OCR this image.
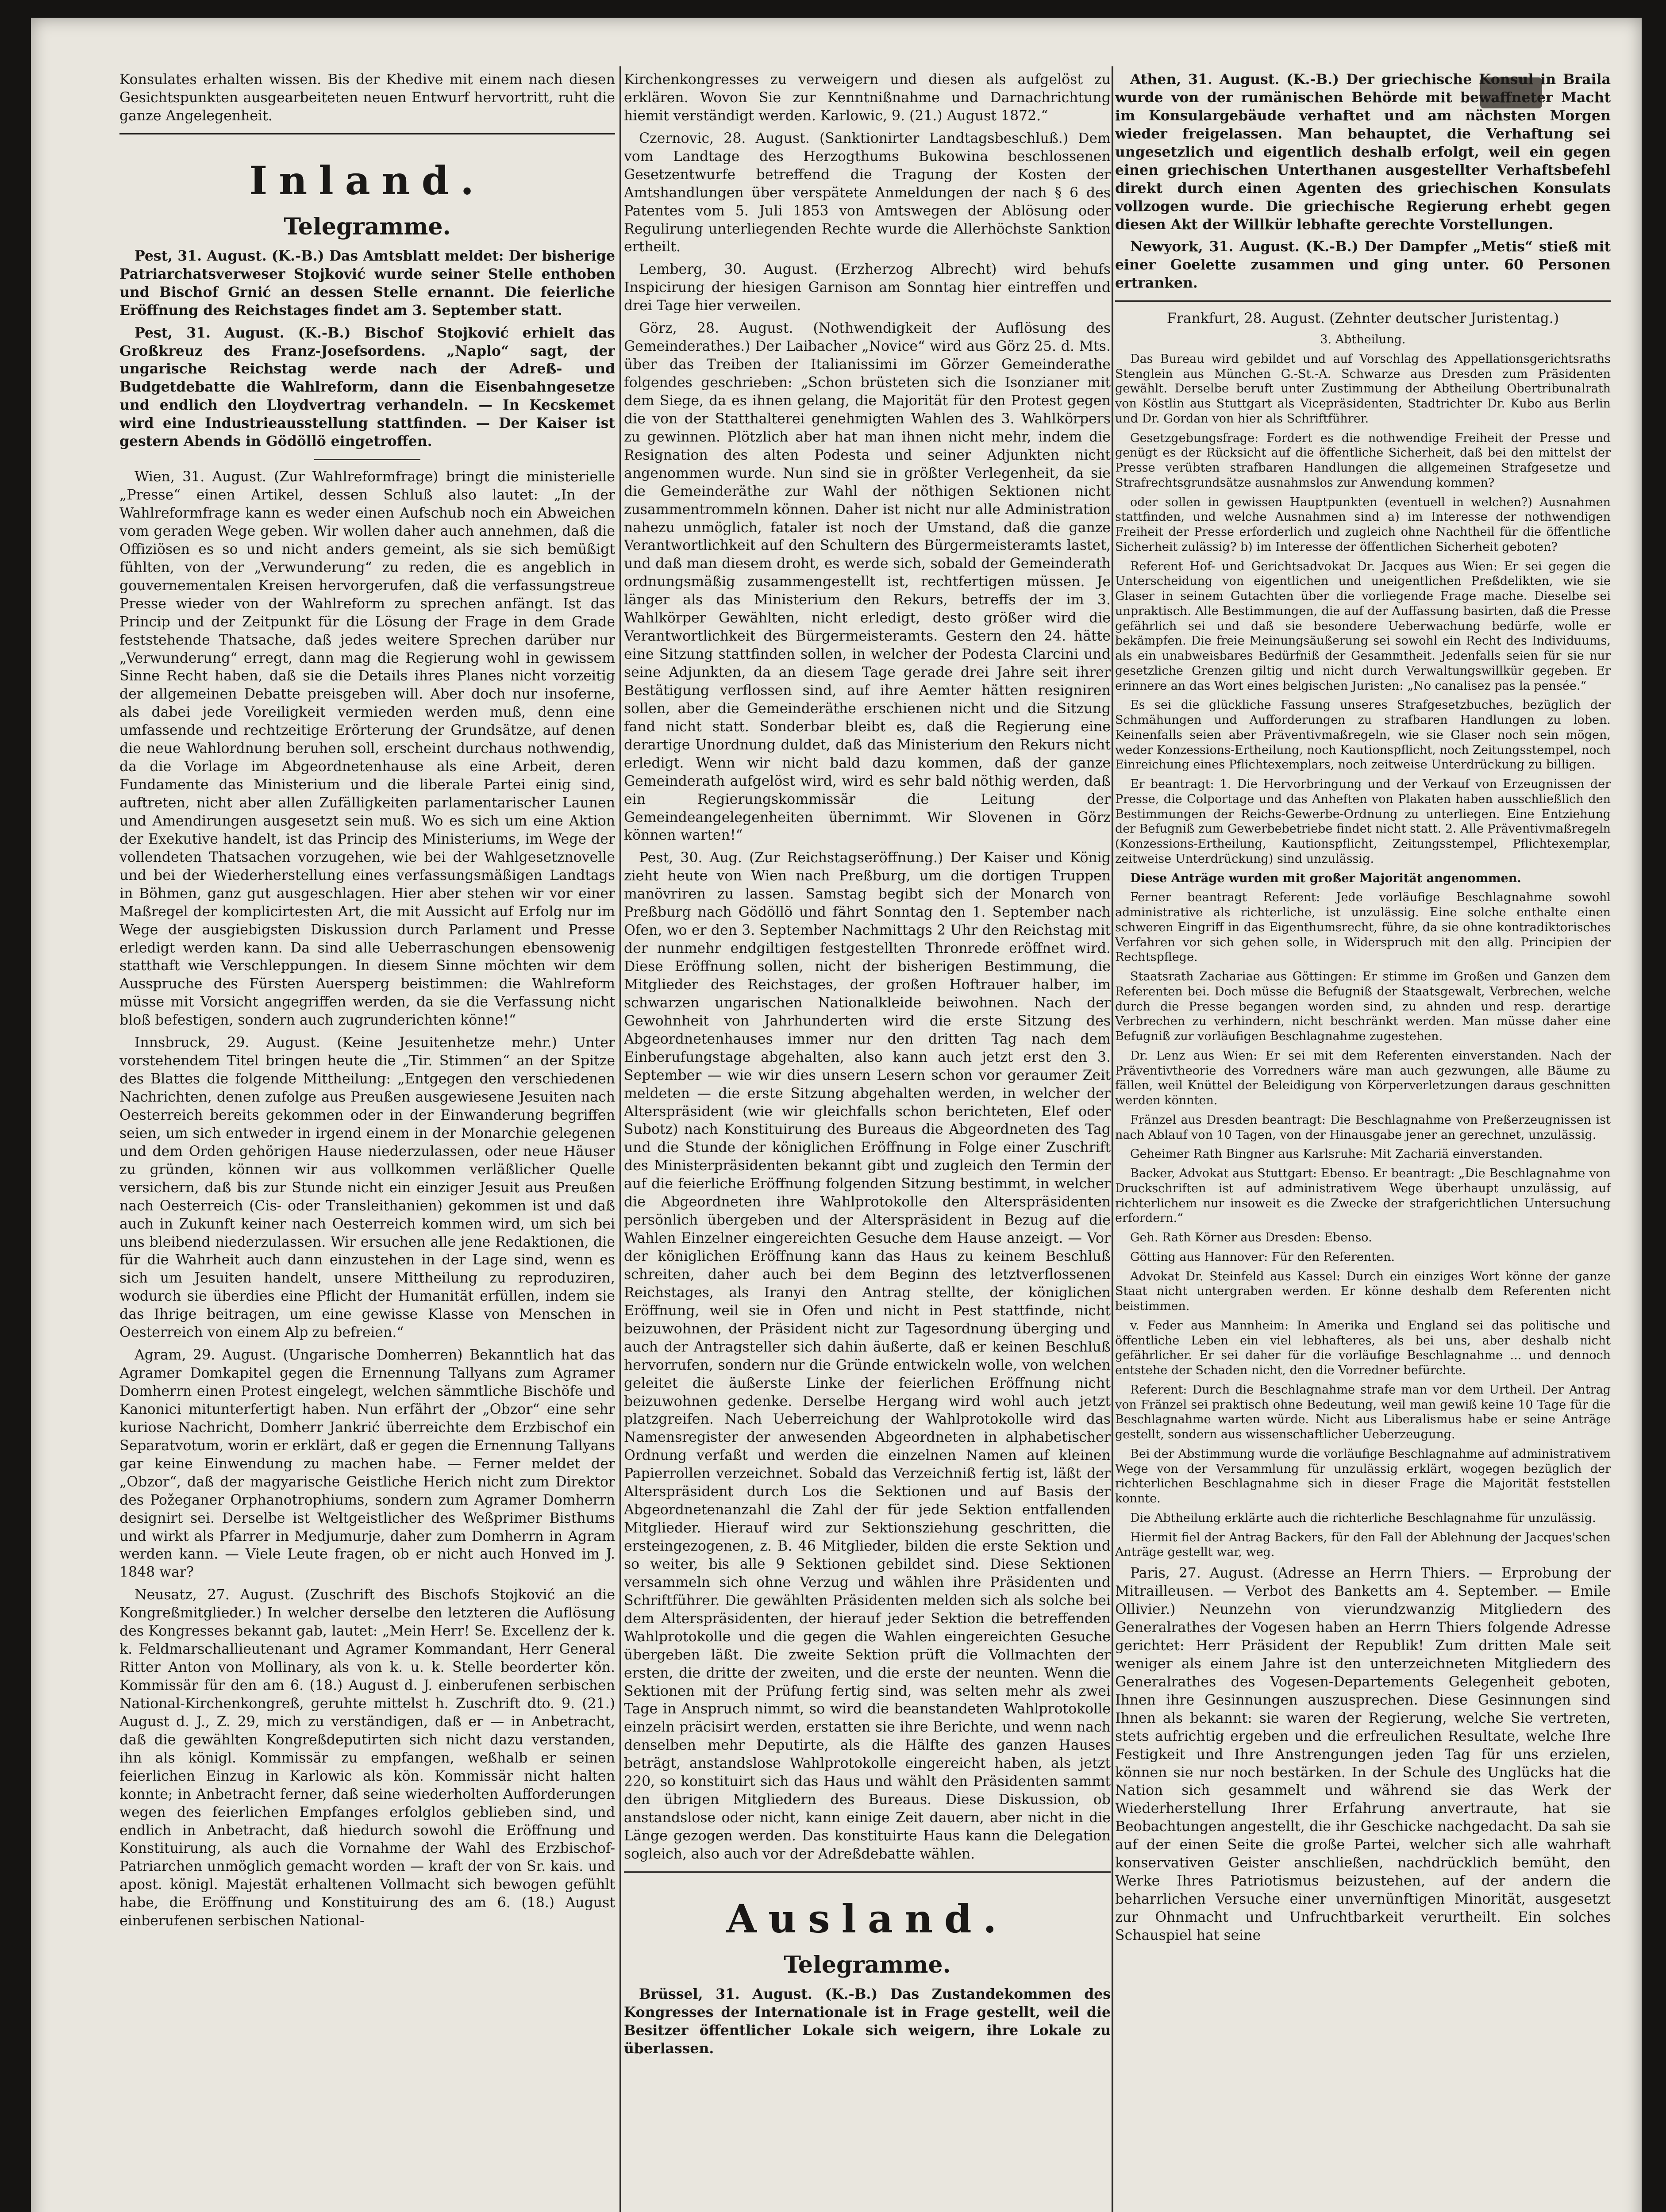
Konsulates erhalten wissen. Bis der Khedive mit einem nach diesen Gesichtspunkten ausgearbeiteten neuen Entwurf hervortritt, ruht die ganze Angelegenheit.

Inland.
Telegramme.

Pest, 31. August. (K.-B.) Das Amtsblatt meldet: Der bisherige Patriarchatsverweser Stojković wurde seiner Stelle enthoben und Bischof Grnić an dessen Stelle ernannt. Die feierliche Eröffnung des Reichstages findet am 3. September statt.

Pest, 31. August. (K.-B.) Bischof Stojković erhielt das Großkreuz des Franz-Josefsordens. „Naplo“ sagt, der ungarische Reichstag werde nach der Adreß- und Budgetdebatte die Wahlreform, dann die Eisenbahngesetze und endlich den Lloydvertrag verhandeln. — In Kecskemet wird eine Industrieausstellung stattfinden. — Der Kaiser ist gestern Abends in Gödöllö eingetroffen.

Wien, 31. August. (Zur Wahlreformfrage) bringt die ministerielle „Presse“ einen Artikel, dessen Schluß also lautet: „In der Wahlreformfrage kann es weder einen Aufschub noch ein Abweichen vom geraden Wege geben. Wir wollen daher auch annehmen, daß die Offiziösen es so und nicht anders gemeint, als sie sich bemüßigt fühlten, von der „Verwunderung“ zu reden, die es angeblich in gouvernementalen Kreisen hervorgerufen, daß die verfassungstreue Presse wieder von der Wahlreform zu sprechen anfängt. Ist das Princip und der Zeitpunkt für die Lösung der Frage in dem Grade feststehende Thatsache, daß jedes weitere Sprechen darüber nur „Verwunderung“ erregt, dann mag die Regierung wohl in gewissem Sinne Recht haben, daß sie die Details ihres Planes nicht vorzeitig der allgemeinen Debatte preisgeben will. Aber doch nur insoferne, als dabei jede Voreiligkeit vermieden werden muß, denn eine umfassende und rechtzeitige Erörterung der Grundsätze, auf denen die neue Wahlordnung beruhen soll, erscheint durchaus nothwendig, da die Vorlage im Abgeordnetenhause als eine Arbeit, deren Fundamente das Ministerium und die liberale Partei einig sind, auftreten, nicht aber allen Zufälligkeiten parlamentarischer Launen und Amendirungen ausgesetzt sein muß. Wo es sich um eine Aktion der Exekutive handelt, ist das Princip des Ministeriums, im Wege der vollendeten Thatsachen vorzugehen, wie bei der Wahlgesetznovelle und bei der Wiederherstellung eines verfassungsmäßigen Landtags in Böhmen, ganz gut ausgeschlagen. Hier aber stehen wir vor einer Maßregel der komplicirtesten Art, die mit Aussicht auf Erfolg nur im Wege der ausgiebigsten Diskussion durch Parlament und Presse erledigt werden kann. Da sind alle Ueberraschungen ebensowenig statthaft wie Verschleppungen. In diesem Sinne möchten wir dem Ausspruche des Fürsten Auersperg beistimmen: die Wahlreform müsse mit Vorsicht angegriffen werden, da sie die Verfassung nicht bloß befestigen, sondern auch zugrunderichten könne!“

Innsbruck, 29. August. (Keine Jesuitenhetze mehr.) Unter vorstehendem Titel bringen heute die „Tir. Stimmen“ an der Spitze des Blattes die folgende Mittheilung: „Entgegen den verschiedenen Nachrichten, denen zufolge aus Preußen ausgewiesene Jesuiten nach Oesterreich bereits gekommen oder in der Einwanderung begriffen seien, um sich entweder in irgend einem in der Monarchie gelegenen und dem Orden gehörigen Hause niederzulassen, oder neue Häuser zu gründen, können wir aus vollkommen verläßlicher Quelle versichern, daß bis zur Stunde nicht ein einziger Jesuit aus Preußen nach Oesterreich (Cis- oder Transleithanien) gekommen ist und daß auch in Zukunft keiner nach Oesterreich kommen wird, um sich bei uns bleibend niederzulassen. Wir ersuchen alle jene Redaktionen, die für die Wahrheit auch dann einzustehen in der Lage sind, wenn es sich um Jesuiten handelt, unsere Mittheilung zu reproduziren, wodurch sie überdies eine Pflicht der Humanität erfüllen, indem sie das Ihrige beitragen, um eine gewisse Klasse von Menschen in Oesterreich von einem Alp zu befreien.“

Agram, 29. August. (Ungarische Domherren) Bekanntlich hat das Agramer Domkapitel gegen die Ernennung Tallyans zum Agramer Domherrn einen Protest eingelegt, welchen sämmtliche Bischöfe und Kanonici mitunterfertigt haben. Nun erfährt der „Obzor“ eine sehr kuriose Nachricht, Domherr Jankrić überreichte dem Erzbischof ein Separatvotum, worin er erklärt, daß er gegen die Ernennung Tallyans gar keine Einwendung zu machen habe. — Ferner meldet der „Obzor“, daß der magyarische Geistliche Herich nicht zum Direktor des Požeganer Orphanotrophiums, sondern zum Agramer Domherrn designirt sei. Derselbe ist Weltgeistlicher des Weßprimer Bisthums und wirkt als Pfarrer in Medjumurje, daher zum Domherrn in Agram werden kann. — Viele Leute fragen, ob er nicht auch Honved im J. 1848 war?

Neusatz, 27. August. (Zuschrift des Bischofs Stojković an die Kongreßmitglieder.) In welcher derselbe den letzteren die Auflösung des Kongresses bekannt gab, lautet: „Mein Herr! Se. Excellenz der k. k. Feldmarschallieutenant und Agramer Kommandant, Herr General Ritter Anton von Mollinary, als von k. u. k. Stelle beorderter kön. Kommissär für den am 6. (18.) August d. J. einberufenen serbischen National-Kirchenkongreß, geruhte mittelst h. Zuschrift dto. 9. (21.) August d. J., Z. 29, mich zu verständigen, daß er — in Anbetracht, daß die gewählten Kongreßdeputirten sich nicht dazu verstanden, ihn als königl. Kommissär zu empfangen, weßhalb er seinen feierlichen Einzug in Karlowic als kön. Kommissär nicht halten konnte; in Anbetracht ferner, daß seine wiederholten Aufforderungen wegen des feierlichen Empfanges erfolglos geblieben sind, und endlich in Anbetracht, daß hiedurch sowohl die Eröffnung und Konstituirung, als auch die Vornahme der Wahl des Erzbischof-Patriarchen unmöglich gemacht worden — kraft der von Sr. kais. und apost. königl. Majestät erhaltenen Vollmacht sich bewogen gefühlt habe, die Eröffnung und Konstituirung des am 6. (18.) August einberufenen serbischen National-

Kirchenkongresses zu verweigern und diesen als aufgelöst zu erklären. Wovon Sie zur Kenntnißnahme und Darnachrichtung hiemit verständigt werden. Karlowic, 9. (21.) August 1872.“

Czernovic, 28. August. (Sanktionirter Landtagsbeschluß.) Dem vom Landtage des Herzogthums Bukowina beschlossenen Gesetzentwurfe betreffend die Tragung der Kosten der Amtshandlungen über verspätete Anmeldungen der nach § 6 des Patentes vom 5. Juli 1853 von Amtswegen der Ablösung oder Regulirung unterliegenden Rechte wurde die Allerhöchste Sanktion ertheilt.

Lemberg, 30. August. (Erzherzog Albrecht) wird behufs Inspicirung der hiesigen Garnison am Sonntag hier eintreffen und drei Tage hier verweilen.

Görz, 28. August. (Nothwendigkeit der Auflösung des Gemeinderathes.) Der Laibacher „Novice“ wird aus Görz 25. d. Mts. über das Treiben der Italianissimi im Görzer Gemeinderathe folgendes geschrieben: „Schon brüsteten sich die Isonzianer mit dem Siege, da es ihnen gelang, die Majorität für den Protest gegen die von der Statthalterei genehmigten Wahlen des 3. Wahlkörpers zu gewinnen. Plötzlich aber hat man ihnen nicht mehr, indem die Resignation des alten Podesta und seiner Adjunkten nicht angenommen wurde. Nun sind sie in größter Verlegenheit, da sie die Gemeinderäthe zur Wahl der nöthigen Sektionen nicht zusammentrommeln können. Daher ist nicht nur alle Administration nahezu unmöglich, fataler ist noch der Umstand, daß die ganze Verantwortlichkeit auf den Schultern des Bürgermeisteramts lastet, und daß man diesem droht, es werde sich, sobald der Gemeinderath ordnungsmäßig zusammengestellt ist, rechtfertigen müssen. Je länger als das Ministerium den Rekurs, betreffs der im 3. Wahlkörper Gewählten, nicht erledigt, desto größer wird die Verantwortlichkeit des Bürgermeisteramts. Gestern den 24. hätte eine Sitzung stattfinden sollen, in welcher der Podesta Clarcini und seine Adjunkten, da an diesem Tage gerade drei Jahre seit ihrer Bestätigung verflossen sind, auf ihre Aemter hätten resigniren sollen, aber die Gemeinderäthe erschienen nicht und die Sitzung fand nicht statt. Sonderbar bleibt es, daß die Regierung eine derartige Unordnung duldet, daß das Ministerium den Rekurs nicht erledigt. Wenn wir nicht bald dazu kommen, daß der ganze Gemeinderath aufgelöst wird, wird es sehr bald nöthig werden, daß ein Regierungskommissär die Leitung der Gemeindeangelegenheiten übernimmt. Wir Slovenen in Görz können warten!“

Pest, 30. Aug. (Zur Reichstagseröffnung.) Der Kaiser und König zieht heute von Wien nach Preßburg, um die dortigen Truppen manövriren zu lassen. Samstag begibt sich der Monarch von Preßburg nach Gödöllö und fährt Sonntag den 1. September nach Ofen, wo er den 3. September Nachmittags 2 Uhr den Reichstag mit der nunmehr endgiltigen festgestellten Thronrede eröffnet wird. Diese Eröffnung sollen, nicht der bisherigen Bestimmung, die Mitglieder des Reichstages, der großen Hoftrauer halber, im schwarzen ungarischen Nationalkleide beiwohnen. Nach der Gewohnheit von Jahrhunderten wird die erste Sitzung des Abgeordnetenhauses immer nur den dritten Tag nach dem Einberufungstage abgehalten, also kann auch jetzt erst den 3. September — wie wir dies unsern Lesern schon vor geraumer Zeit meldeten — die erste Sitzung abgehalten werden, in welcher der Alterspräsident (wie wir gleichfalls schon berichteten, Elef oder Subotz) nach Konstituirung des Bureaus die Abgeordneten des Tag und die Stunde der königlichen Eröffnung in Folge einer Zuschrift des Ministerpräsidenten bekannt gibt und zugleich den Termin der auf die feierliche Eröffnung folgenden Sitzung bestimmt, in welcher die Abgeordneten ihre Wahlprotokolle den Alterspräsidenten persönlich übergeben und der Alterspräsident in Bezug auf die Wahlen Einzelner eingereichten Gesuche dem Hause anzeigt. — Vor der königlichen Eröffnung kann das Haus zu keinem Beschluß schreiten, daher auch bei dem Beginn des letztverflossenen Reichstages, als Iranyi den Antrag stellte, der königlichen Eröffnung, weil sie in Ofen und nicht in Pest stattfinde, nicht beizuwohnen, der Präsident nicht zur Tagesordnung überging und auch der Antragsteller sich dahin äußerte, daß er keinen Beschluß hervorrufen, sondern nur die Gründe entwickeln wolle, von welchen geleitet die äußerste Linke der feierlichen Eröffnung nicht beizuwohnen gedenke. Derselbe Hergang wird wohl auch jetzt platzgreifen. Nach Ueberreichung der Wahlprotokolle wird das Namensregister der anwesenden Abgeordneten in alphabetischer Ordnung verfaßt und werden die einzelnen Namen auf kleinen Papierrollen verzeichnet. Sobald das Verzeichniß fertig ist, läßt der Alterspräsident durch Los die Sektionen und auf Basis der Abgeordnetenanzahl die Zahl der für jede Sektion entfallenden Mitglieder. Hierauf wird zur Sektionsziehung geschritten, die ersteingezogenen, z. B. 46 Mitglieder, bilden die erste Sektion und so weiter, bis alle 9 Sektionen gebildet sind. Diese Sektionen versammeln sich ohne Verzug und wählen ihre Präsidenten und Schriftführer. Die gewählten Präsidenten melden sich als solche bei dem Alterspräsidenten, der hierauf jeder Sektion die betreffenden Wahlprotokolle und die gegen die Wahlen eingereichten Gesuche übergeben läßt. Die zweite Sektion prüft die Vollmachten der ersten, die dritte der zweiten, und die erste der neunten. Wenn die Sektionen mit der Prüfung fertig sind, was selten mehr als zwei Tage in Anspruch nimmt, so wird die beanstandeten Wahlprotokolle einzeln präcisirt werden, erstatten sie ihre Berichte, und wenn nach denselben mehr Deputirte, als die Hälfte des ganzen Hauses beträgt, anstandslose Wahlprotokolle eingereicht haben, als jetzt 220, so konstituirt sich das Haus und wählt den Präsidenten sammt den übrigen Mitgliedern des Bureaus. Diese Diskussion, ob anstandslose oder nicht, kann einige Zeit dauern, aber nicht in die Länge gezogen werden. Das konstituirte Haus kann die Delegation sogleich, also auch vor der Adreßdebatte wählen.

Ausland.
Telegramme.

Brüssel, 31. August. (K.-B.) Das Zustandekommen des Kongresses der Internationale ist in Frage gestellt, weil die Besitzer öffentlicher Lokale sich weigern, ihre Lokale zu überlassen.

Athen, 31. August. (K.-B.) Der griechische Konsul in Braila wurde von der rumänischen Behörde mit bewaffneter Macht im Konsulargebäude verhaftet und am nächsten Morgen wieder freigelassen. Man behauptet, die Verhaftung sei ungesetzlich und eigentlich deshalb erfolgt, weil ein gegen einen griechischen Unterthanen ausgestellter Verhaftsbefehl direkt durch einen Agenten des griechischen Konsulats vollzogen wurde. Die griechische Regierung erhebt gegen diesen Akt der Willkür lebhafte gerechte Vorstellungen.

Newyork, 31. August. (K.-B.) Der Dampfer „Metis“ stieß mit einer Goelette zusammen und ging unter. 60 Personen ertranken.

Frankfurt, 28. August. (Zehnter deutscher Juristentag.)

3. Abtheilung.

Das Bureau wird gebildet und auf Vorschlag des Appellationsgerichtsraths Stenglein aus München G.-St.-A. Schwarze aus Dresden zum Präsidenten gewählt. Derselbe beruft unter Zustimmung der Abtheilung Obertribunalrath von Köstlin aus Stuttgart als Vicepräsidenten, Stadtrichter Dr. Kubo aus Berlin und Dr. Gordan von hier als Schriftführer.

Gesetzgebungsfrage: Fordert es die nothwendige Freiheit der Presse und genügt es der Rücksicht auf die öffentliche Sicherheit, daß bei den mittelst der Presse verübten strafbaren Handlungen die allgemeinen Strafgesetze und Strafrechtsgrundsätze ausnahmslos zur Anwendung kommen?

oder sollen in gewissen Hauptpunkten (eventuell in welchen?) Ausnahmen stattfinden, und welche Ausnahmen sind a) im Interesse der nothwendigen Freiheit der Presse erforderlich und zugleich ohne Nachtheil für die öffentliche Sicherheit zulässig? b) im Interesse der öffentlichen Sicherheit geboten?

Referent Hof- und Gerichtsadvokat Dr. Jacques aus Wien: Er sei gegen die Unterscheidung von eigentlichen und uneigentlichen Preßdelikten, wie sie Glaser in seinem Gutachten über die vorliegende Frage mache. Dieselbe sei unpraktisch. Alle Bestimmungen, die auf der Auffassung basirten, daß die Presse gefährlich sei und daß sie besondere Ueberwachung bedürfe, wolle er bekämpfen. Die freie Meinungsäußerung sei sowohl ein Recht des Individuums, als ein unabweisbares Bedürfniß der Gesammtheit. Jedenfalls seien für sie nur gesetzliche Grenzen giltig und nicht durch Verwaltungswillkür gegeben. Er erinnere an das Wort eines belgischen Juristen: „No canalisez pas la pensée.“

Es sei die glückliche Fassung unseres Strafgesetzbuches, bezüglich der Schmähungen und Aufforderungen zu strafbaren Handlungen zu loben. Keinenfalls seien aber Präventivmaßregeln, wie sie Glaser noch sein mögen, weder Konzessions-Ertheilung, noch Kautionspflicht, noch Zeitungsstempel, noch Einreichung eines Pflichtexemplars, noch zeitweise Unterdrückung zu billigen.

Er beantragt: 1. Die Hervorbringung und der Verkauf von Erzeugnissen der Presse, die Colportage und das Anheften von Plakaten haben ausschließlich den Bestimmungen der Reichs-Gewerbe-Ordnung zu unterliegen. Eine Entziehung der Befugniß zum Gewerbebetriebe findet nicht statt. 2. Alle Präventivmaßregeln (Konzessions-Ertheilung, Kautionspflicht, Zeitungsstempel, Pflichtexemplar, zeitweise Unterdrückung) sind unzulässig.

Diese Anträge wurden mit großer Majorität angenommen.

Ferner beantragt Referent: Jede vorläufige Beschlagnahme sowohl administrative als richterliche, ist unzulässig. Eine solche enthalte einen schweren Eingriff in das Eigenthumsrecht, führe, da sie ohne kontradiktorisches Verfahren vor sich gehen solle, in Widerspruch mit den allg. Principien der Rechtspflege.

Staatsrath Zachariae aus Göttingen: Er stimme im Großen und Ganzen dem Referenten bei. Doch müsse die Befugniß der Staatsgewalt, Verbrechen, welche durch die Presse begangen worden sind, zu ahnden und resp. derartige Verbrechen zu verhindern, nicht beschränkt werden. Man müsse daher eine Befugniß zur vorläufigen Beschlagnahme zugestehen.

Dr. Lenz aus Wien: Er sei mit dem Referenten einverstanden. Nach der Präventivtheorie des Vorredners wäre man auch gezwungen, alle Bäume zu fällen, weil Knüttel der Beleidigung von Körperverletzungen daraus geschnitten werden könnten.

Fränzel aus Dresden beantragt: Die Beschlagnahme von Preßerzeugnissen ist nach Ablauf von 10 Tagen, von der Hinausgabe jener an gerechnet, unzulässig.

Geheimer Rath Bingner aus Karlsruhe: Mit Zachariä einverstanden.

Backer, Advokat aus Stuttgart: Ebenso. Er beantragt: „Die Beschlagnahme von Druckschriften ist auf administrativem Wege überhaupt unzulässig, auf richterlichem nur insoweit es die Zwecke der strafgerichtlichen Untersuchung erfordern.“

Geh. Rath Körner aus Dresden: Ebenso.

Götting aus Hannover: Für den Referenten.

Advokat Dr. Steinfeld aus Kassel: Durch ein einziges Wort könne der ganze Staat nicht untergraben werden. Er könne deshalb dem Referenten nicht beistimmen.

v. Feder aus Mannheim: In Amerika und England sei das politische und öffentliche Leben ein viel lebhafteres, als bei uns, aber deshalb nicht gefährlicher. Er sei daher für die vorläufige Beschlagnahme ... und dennoch entstehe der Schaden nicht, den die Vorredner befürchte.

Referent: Durch die Beschlagnahme strafe man vor dem Urtheil. Der Antrag von Fränzel sei praktisch ohne Bedeutung, weil man gewiß keine 10 Tage für die Beschlagnahme warten würde. Nicht aus Liberalismus habe er seine Anträge gestellt, sondern aus wissenschaftlicher Ueberzeugung.

Bei der Abstimmung wurde die vorläufige Beschlagnahme auf administrativem Wege von der Versammlung für unzulässig erklärt, wogegen bezüglich der richterlichen Beschlagnahme sich in dieser Frage die Majorität feststellen konnte.

Die Abtheilung erklärte auch die richterliche Beschlagnahme für unzulässig.

Hiermit fiel der Antrag Backers, für den Fall der Ablehnung der Jacques'schen Anträge gestellt war, weg.

Paris, 27. August. (Adresse an Herrn Thiers. — Erprobung der Mitrailleusen. — Verbot des Banketts am 4. September. — Emile Ollivier.) Neunzehn von vierundzwanzig Mitgliedern des Generalrathes der Vogesen haben an Herrn Thiers folgende Adresse gerichtet: Herr Präsident der Republik! Zum dritten Male seit weniger als einem Jahre ist den unterzeichneten Mitgliedern des Generalrathes des Vogesen-Departements Gelegenheit geboten, Ihnen ihre Gesinnungen auszusprechen. Diese Gesinnungen sind Ihnen als bekannt: sie waren der Regierung, welche Sie vertreten, stets aufrichtig ergeben und die erfreulichen Resultate, welche Ihre Festigkeit und Ihre Anstrengungen jeden Tag für uns erzielen, können sie nur noch bestärken. In der Schule des Unglücks hat die Nation sich gesammelt und während sie das Werk der Wiederherstellung Ihrer Erfahrung anvertraute, hat sie Beobachtungen angestellt, die ihr Geschicke nachgedacht. Da sah sie auf der einen Seite die große Partei, welcher sich alle wahrhaft konservativen Geister anschließen, nachdrücklich bemüht, den Werke Ihres Patriotismus beizustehen, auf der andern die beharrlichen Versuche einer unvernünftigen Minorität, ausgesetzt zur Ohnmacht und Unfruchtbarkeit verurtheilt. Ein solches Schauspiel hat seine
